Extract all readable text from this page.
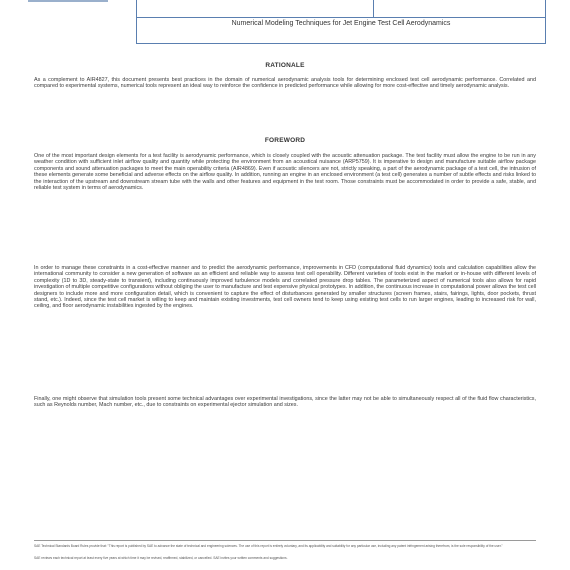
Numerical Modeling Techniques for Jet Engine Test Cell Aerodynamics
RATIONALE

As a complement to AIR4827, this document presents best practices in the domain of numerical aerodynamic analysis tools for determining enclosed test cell aerodynamic performance. Correlated and compared to experimental systems, numerical tools represent an ideal way to reinforce the confidence in predicted performance while allowing for more cost-effective and timely aerodynamic analysis.

FOREWORD

One of the most important design elements for a test facility is aerodynamic performance, which is closely coupled with the acoustic attenuation package. The test facility must allow the engine to be run in any weather condition with sufficient inlet airflow quality and quantity while protecting the environment from an acoustical nuisance (ARP5759). It is imperative to design and manufacture suitable airflow package components and sound attenuation packages to meet the main operability criteria (AIR4869). Even if acoustic silencers are not, strictly speaking, a part of the aerodynamic package of a test cell, the intrusion of these elements generate some beneficial and adverse effects on the airflow quality. In addition, running an engine in an enclosed environment (a test cell) generates a number of subtle effects and risks linked to the interaction of the upstream and downstream stream tube with the walls and other features and equipment in the test room. Those constraints must be accommodated in order to provide a safe, stable, and reliable test system in terms of aerodynamics.

In order to manage these constraints in a cost-effective manner and to predict the aerodynamic performance, improvements in CFD (computational fluid dynamics) tools and calculation capabilities allow the international community to consider a new generation of software as an efficient and reliable way to assess test cell operability. Different varieties of tools exist in the market or in-house with different levels of complexity (1D to 3D, steady-state to transient), including continuously improved turbulence models and correlated pressure drop tables. The parameterized aspect of numerical tools also allows for rapid investigation of multiple competitive configurations without obliging the user to manufacture and test expensive physical prototypes. In addition, the continuous increase in computational power allows the test cell designers to include more and more configuration detail, which is convenient to capture the effect of disturbances generated by smaller structures (screen frames, stairs, fairings, lights, door pockets, thrust stand, etc.). Indeed, since the test cell market is willing to keep and maintain existing investments, test cell owners tend to keep using existing test cells to run larger engines, leading to increased risk for wall, ceiling, and floor aerodynamic instabilities ingested by the engines.

Finally, one might observe that simulation tools present some technical advantages over experimental investigations, since the latter may not be able to simultaneously respect all of the fluid flow characteristics, such as Reynolds number, Mach number, etc., due to constraints on experimental ejector simulation and sizes.

SAE Technical Standards Board Rules provide that: "This report is published by SAE to advance the state of technical and engineering sciences. The use of this report is entirely voluntary, and its applicability and suitability for any particular use, including any patent infringement arising therefrom, is the sole responsibility of the user."

SAE reviews each technical report at least every five years at which time it may be revised, reaffirmed, stabilized, or cancelled. SAE invites your written comments and suggestions.
